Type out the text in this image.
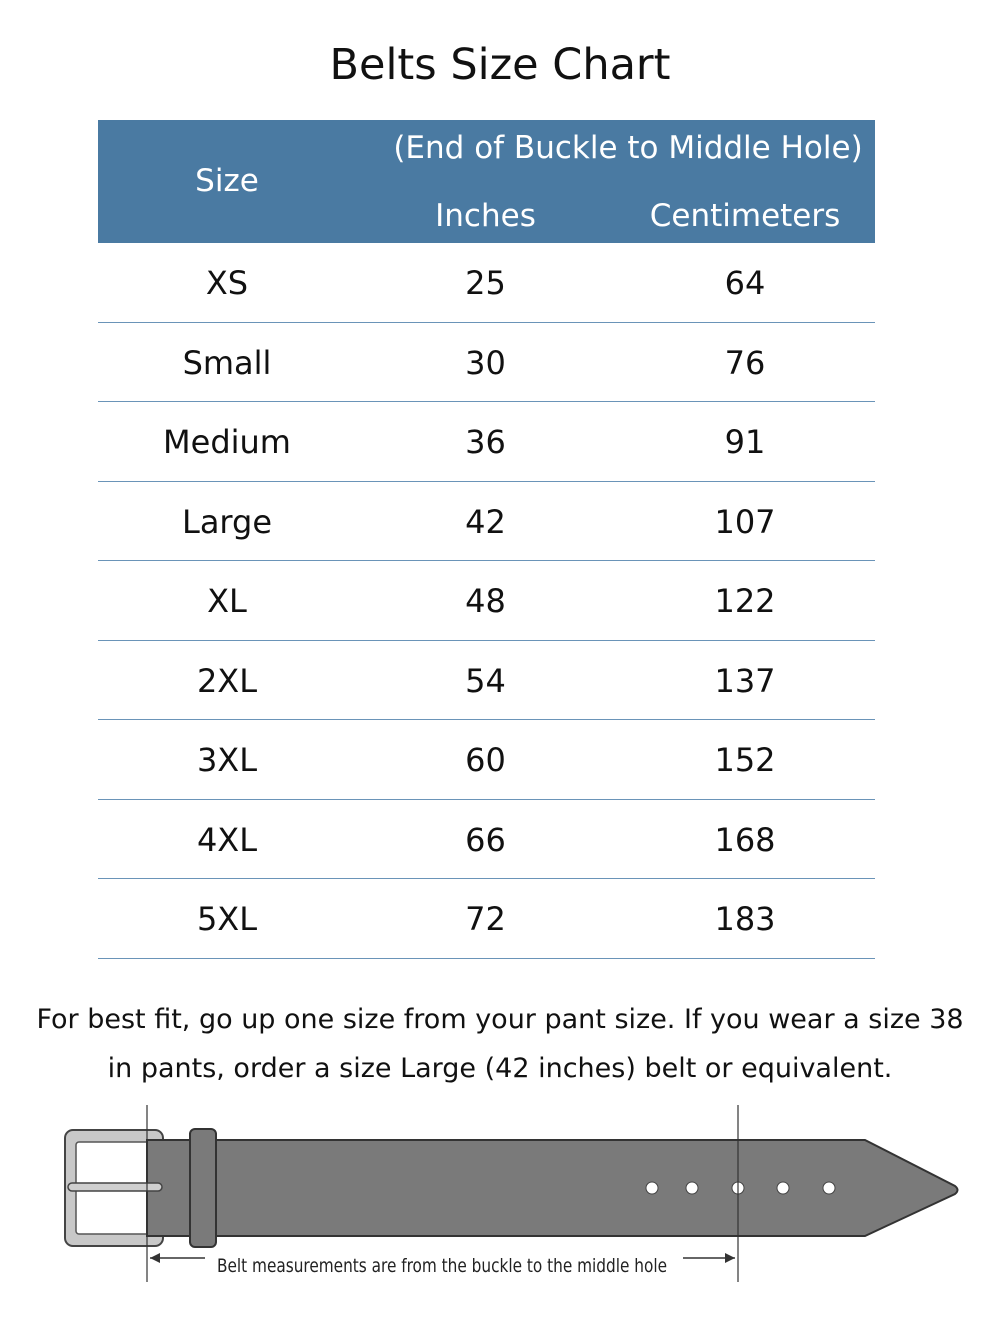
Belts Size Chart
Size
(End of Buckle to Middle Hole)
Inches	Centimeters
XS	25	64
Small	30	76
Medium	36	91
Large	42	107
XL	48	122
2XL	54	137
3XL	60	152
4XL	66	168
5XL	72	183
For best fit, go up one size from your pant size. If you wear a size 38
in pants, order a size Large (42 inches) belt or equivalent.
Belt measurements are from the buckle to the middle hole
